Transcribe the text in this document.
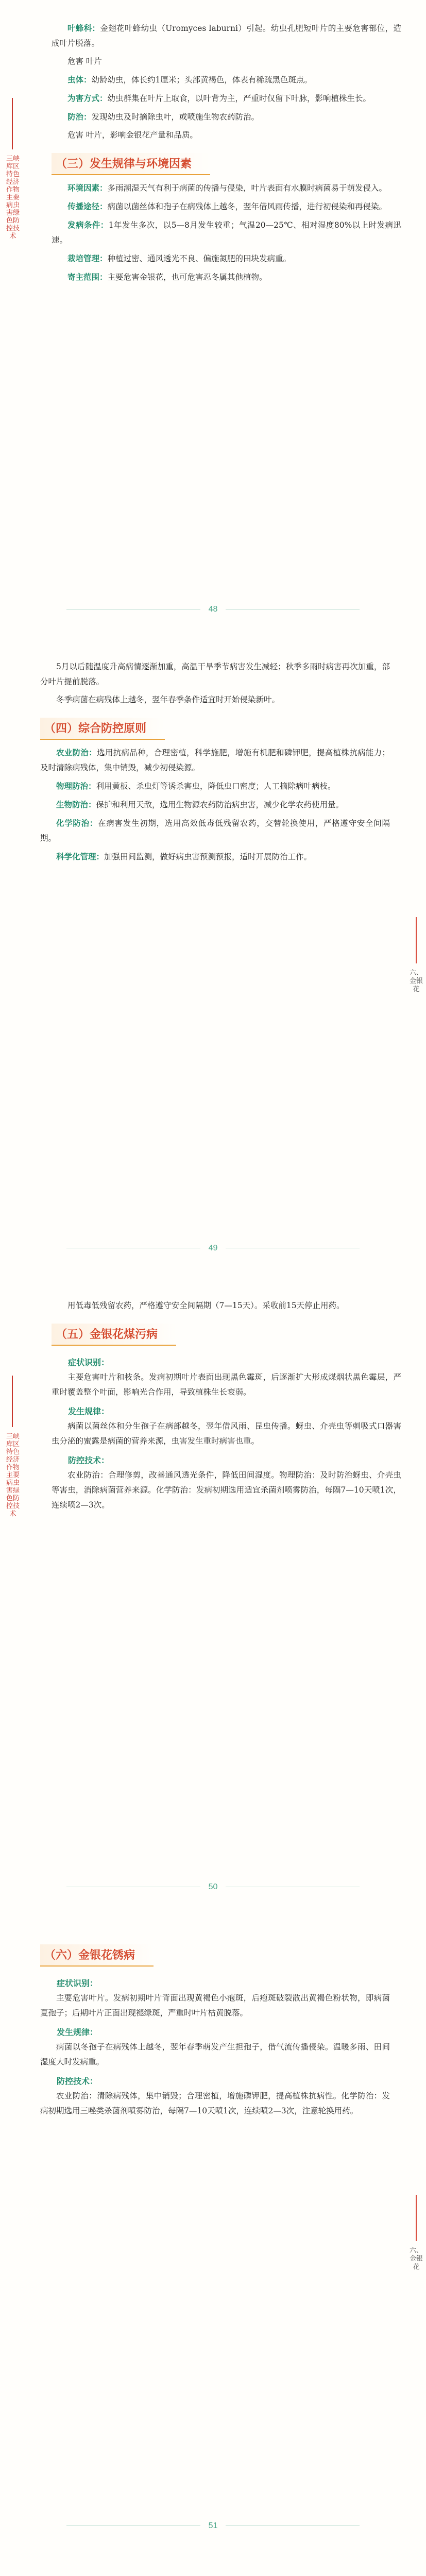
三峡库区特色经济作物主要病虫害绿色防控技术

叶蜂科：金翅花叶蜂幼虫（Uromyces laburni）引起。幼虫孔肥短叶片的主要危害部位，造成叶片脱落。

危害 叶片

虫体：幼龄幼虫，体长约1厘米；头部黄褐色，体表有稀疏黑色斑点。

为害方式：幼虫群集在叶片上取食，以叶背为主，严重时仅留下叶脉，影响植株生长。

防治：发现幼虫及时摘除虫叶，或喷施生物农药防治。

危害 叶片，影响金银花产量和品质。

（三）发生规律与环境因素

环境因素：多雨潮湿天气有利于病菌的传播与侵染，叶片表面有水膜时病菌易于萌发侵入。

传播途径：病菌以菌丝体和孢子在病残体上越冬，翌年借风雨传播，进行初侵染和再侵染。

发病条件：1年发生多次，以5—8月发生较重；气温20—25℃、相对湿度80%以上时发病迅速。

栽培管理：种植过密、通风透光不良、偏施氮肥的田块发病重。

寄主范围：主要危害金银花，也可危害忍冬属其他植物。

48
六、金银花

5月以后随温度升高病情逐渐加重，高温干旱季节病害发生减轻；秋季多雨时病害再次加重，部分叶片提前脱落。

冬季病菌在病残体上越冬，翌年春季条件适宜时开始侵染新叶。

（四）综合防控原则

农业防治：选用抗病品种，合理密植，科学施肥，增施有机肥和磷钾肥，提高植株抗病能力；及时清除病残体，集中销毁，减少初侵染源。

物理防治：利用黄板、杀虫灯等诱杀害虫，降低虫口密度；人工摘除病叶病枝。

生物防治：保护和利用天敌，选用生物源农药防治病虫害，减少化学农药使用量。

化学防治：在病害发生初期，选用高效低毒低残留农药，交替轮换使用，严格遵守安全间隔期。

科学化管理：加强田间监测，做好病虫害预测预报，适时开展防治工作。

49
三峡库区特色经济作物主要病虫害绿色防控技术

用低毒低残留农药，严格遵守安全间隔期（7—15天）。采收前15天停止用药。

（五）金银花煤污病
症状识别：

主要危害叶片和枝条。发病初期叶片表面出现黑色霉斑，后逐渐扩大形成煤烟状黑色霉层，严重时覆盖整个叶面，影响光合作用，导致植株生长衰弱。

发生规律：

病菌以菌丝体和分生孢子在病部越冬，翌年借风雨、昆虫传播。蚜虫、介壳虫等刺吸式口器害虫分泌的蜜露是病菌的营养来源，虫害发生重时病害也重。

防控技术：

农业防治：合理修剪，改善通风透光条件，降低田间湿度。物理防治：及时防治蚜虫、介壳虫等害虫，消除病菌营养来源。化学防治：发病初期选用适宜杀菌剂喷雾防治，每隔7—10天喷1次，连续喷2—3次。

50
六、金银花
（六）金银花锈病
症状识别：

主要危害叶片。发病初期叶片背面出现黄褐色小疱斑，后疱斑破裂散出黄褐色粉状物，即病菌夏孢子；后期叶片正面出现褪绿斑，严重时叶片枯黄脱落。

发生规律：

病菌以冬孢子在病残体上越冬，翌年春季萌发产生担孢子，借气流传播侵染。温暖多雨、田间湿度大时发病重。

防控技术：

农业防治：清除病残体，集中销毁；合理密植，增施磷钾肥，提高植株抗病性。化学防治：发病初期选用三唑类杀菌剂喷雾防治，每隔7—10天喷1次，连续喷2—3次，注意轮换用药。

51
